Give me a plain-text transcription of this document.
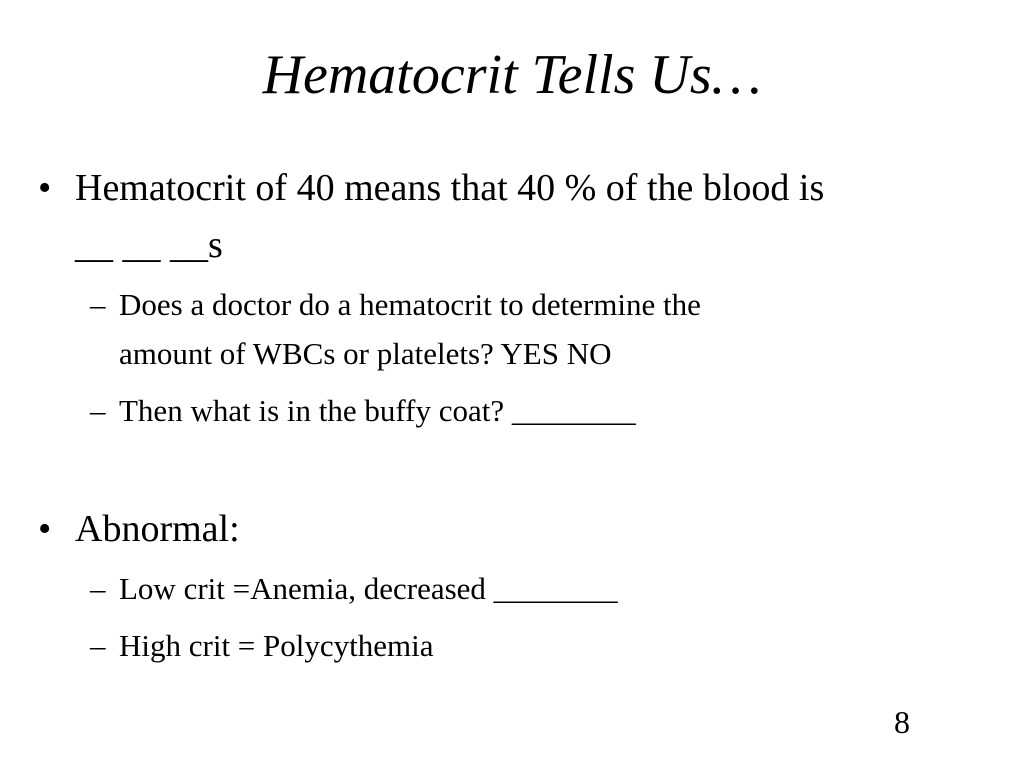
Hematocrit Tells Us…
• Hematocrit of 40 means that 40 % of the blood is
__ __ __s
– Does a doctor do a hematocrit to determine the
amount of WBCs or platelets? YES NO
– Then what is in the buffy coat? ________
• Abnormal:
– Low crit =Anemia, decreased ________
– High crit = Polycythemia
8
